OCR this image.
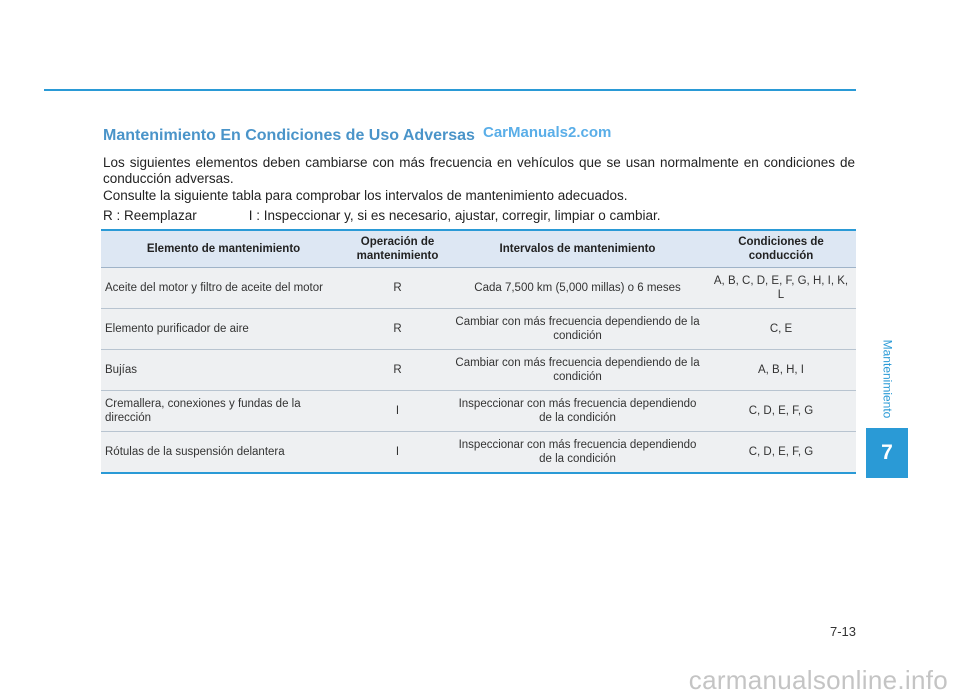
Mantenimiento En Condiciones de Uso Adversas CarManuals2.com
Los siguientes elementos deben cambiarse con más frecuencia en vehículos que se usan normalmente en condiciones de conducción adversas.
Consulte la siguiente tabla para comprobar los intervalos de mantenimiento adecuados.
R : Reemplazar	I : Inspeccionar y, si es necesario, ajustar, corregir, limpiar o cambiar.
Elemento de mantenimiento	Operación de mantenimiento	Intervalos de mantenimiento	Condiciones de conducción
Aceite del motor y filtro de aceite del motor	R	Cada 7,500 km (5,000 millas) o 6 meses	A, B, C, D, E, F, G, H, I, K, L
Elemento purificador de aire	R	Cambiar con más frecuencia dependiendo de la condición	C, E
Bujías	R	Cambiar con más frecuencia dependiendo de la condición	A, B, H, I
Cremallera, conexiones y fundas de la dirección	I	Inspeccionar con más frecuencia dependiendo de la condición	C, D, E, F, G
Rótulas de la suspensión delantera	I	Inspeccionar con más frecuencia dependiendo de la condición	C, D, E, F, G
Mantenimiento
7
7-13
carmanualsonline.info
